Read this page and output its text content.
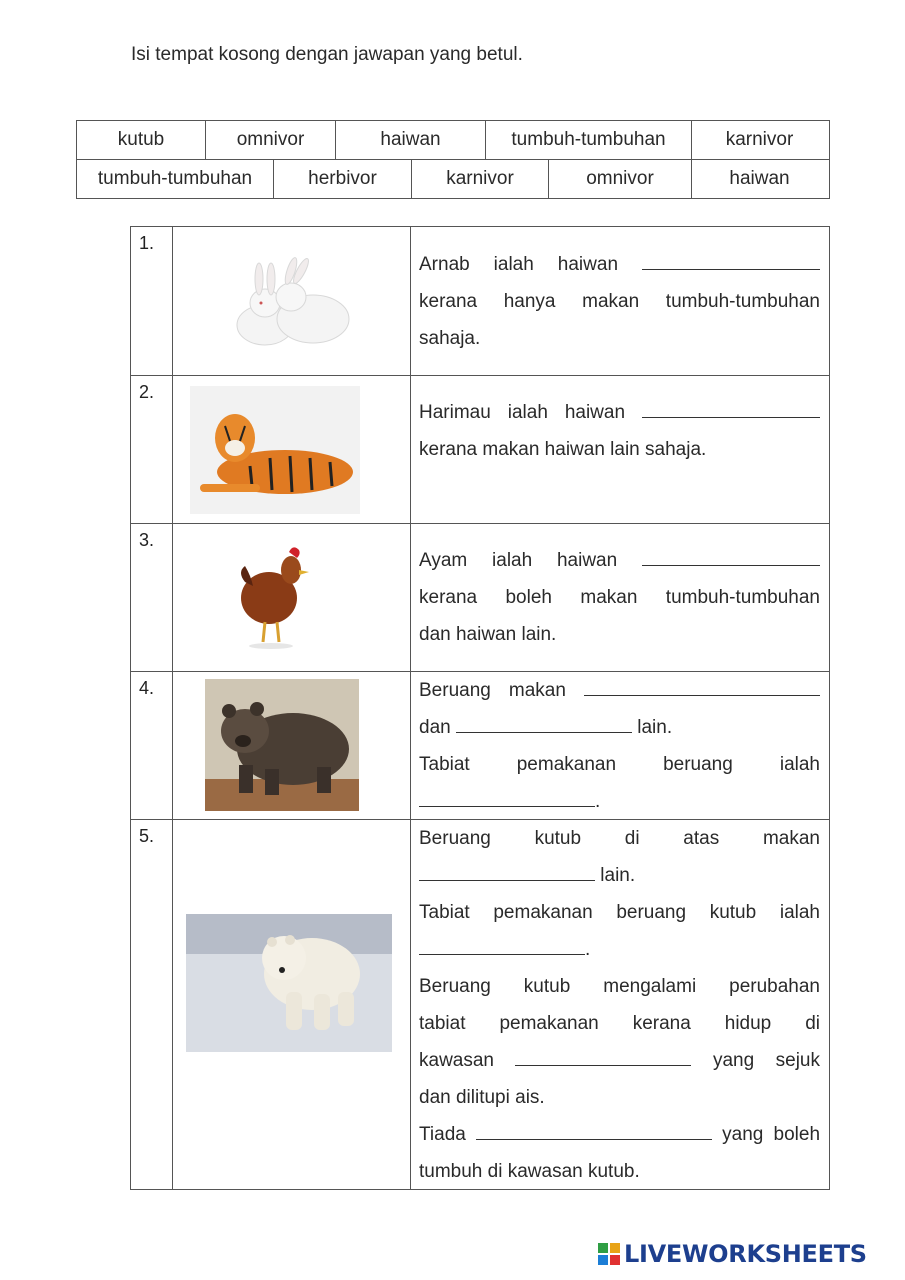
Isi tempat kosong dengan jawapan yang betul.
kutub	omnivor	haiwan	tumbuh-tumbuhan	karnivor
tumbuh-tumbuhan	herbivor	karnivor	omnivor	haiwan
1.

Arnab ialah haiwan

kerana hanya makan tumbuh-tumbuhan

sahaja.

2.

Harimau ialah haiwan

kerana makan haiwan lain sahaja.

3.

Ayam ialah haiwan

kerana boleh makan tumbuh-tumbuhan

dan haiwan lain.

4.	Beruang makan

dan	lain.

Tabiat pemakanan beruang ialah

.

5.	Beruang kutub di atas makan

lain.

Tabiat pemakanan beruang kutub ialah

.

Beruang kutub mengalami perubahan

tabiat pemakanan kerana hidup di

kawasan	yang sejuk

dan dilitupi ais.

Tiada	yang boleh

tumbuh di kawasan kutub.

LIVEWORKSHEETS
